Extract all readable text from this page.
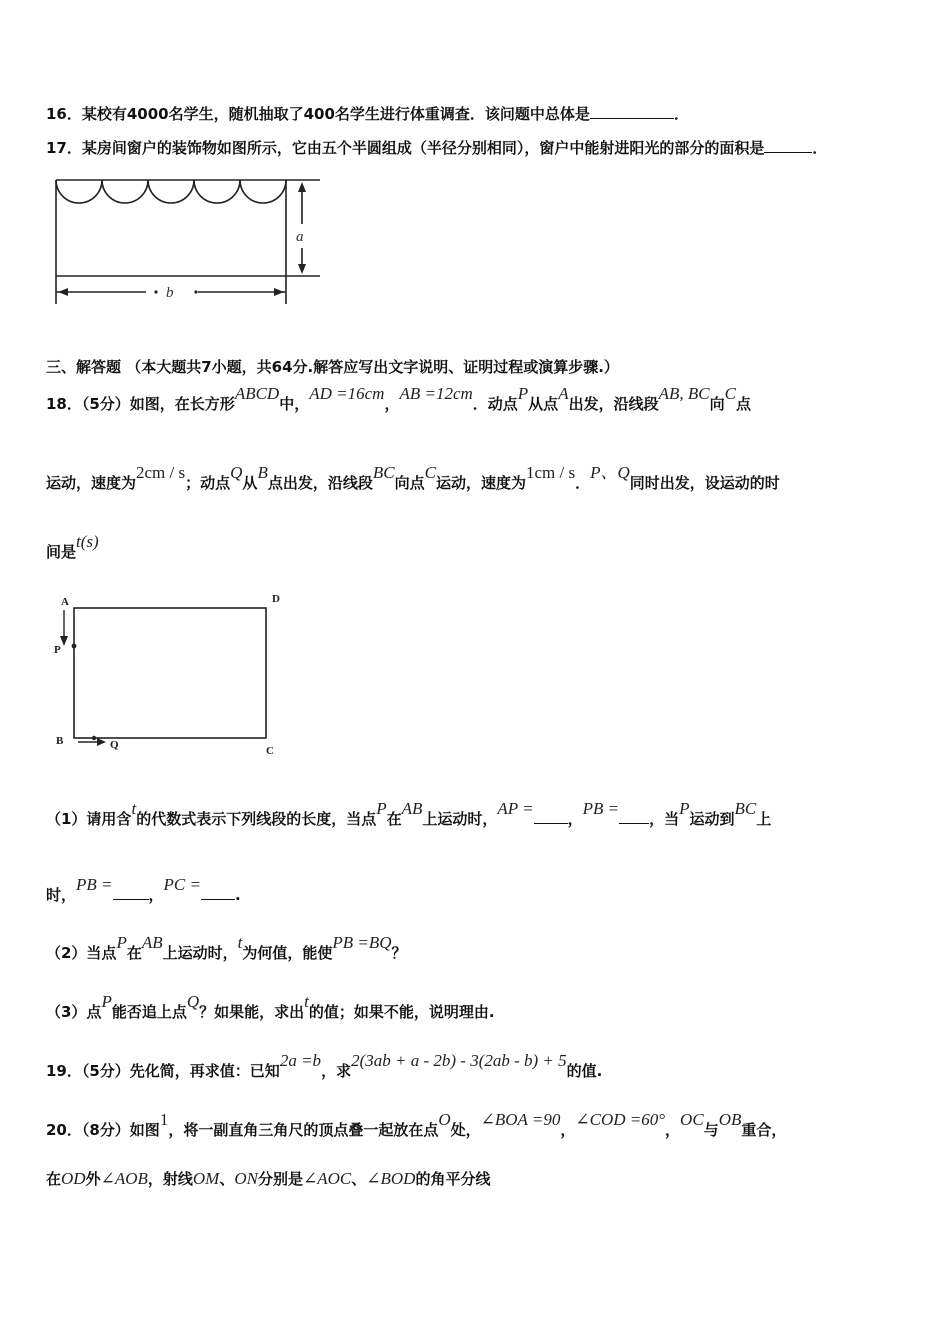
16．某校有4000名学生，随机抽取了400名学生进行体重调查．该问题中总体是	．
17．某房间窗户的装饰物如图所示，它由五个半圆组成（半径分别相同），窗户中能射进阳光的部分的面积是	．
a
b
三、解答题 （本大题共7小题，共64分.解答应写出文字说明、证明过程或演算步骤.）
18．（5分）如图，在长方形ABCD中，AD =16cm，AB =12cm．动点P从点A出发，沿线段AB, BC向C点
运动，速度为2cm / s；动点Q从B点出发，沿线段BC向点C运动，速度为1cm / s．P、Q同时出发，设运动的时
间是t(s)
A	D
P
B	Q	C
（1）请用含t的代数式表示下列线段的长度，当点P在AB上运动时，AP =，PB =，当P运动到BC上
时，PB =，PC =.
（2）当点P在AB上运动时，t为何值，能使PB =BQ？
（3）点P能否追上点Q？如果能，求出t的值；如果不能，说明理由.
19．（5分）先化简，再求值：已知2a =b，求2(3ab + a - 2b) - 3(2ab - b) + 5的值.
20．（8分）如图1，将一副直角三角尺的顶点叠一起放在点O处，∠BOA =90，∠COD =60°，OC与OB重合，
在OD外∠AOB，射线OM、ON分别是∠AOC、∠BOD的角平分线
